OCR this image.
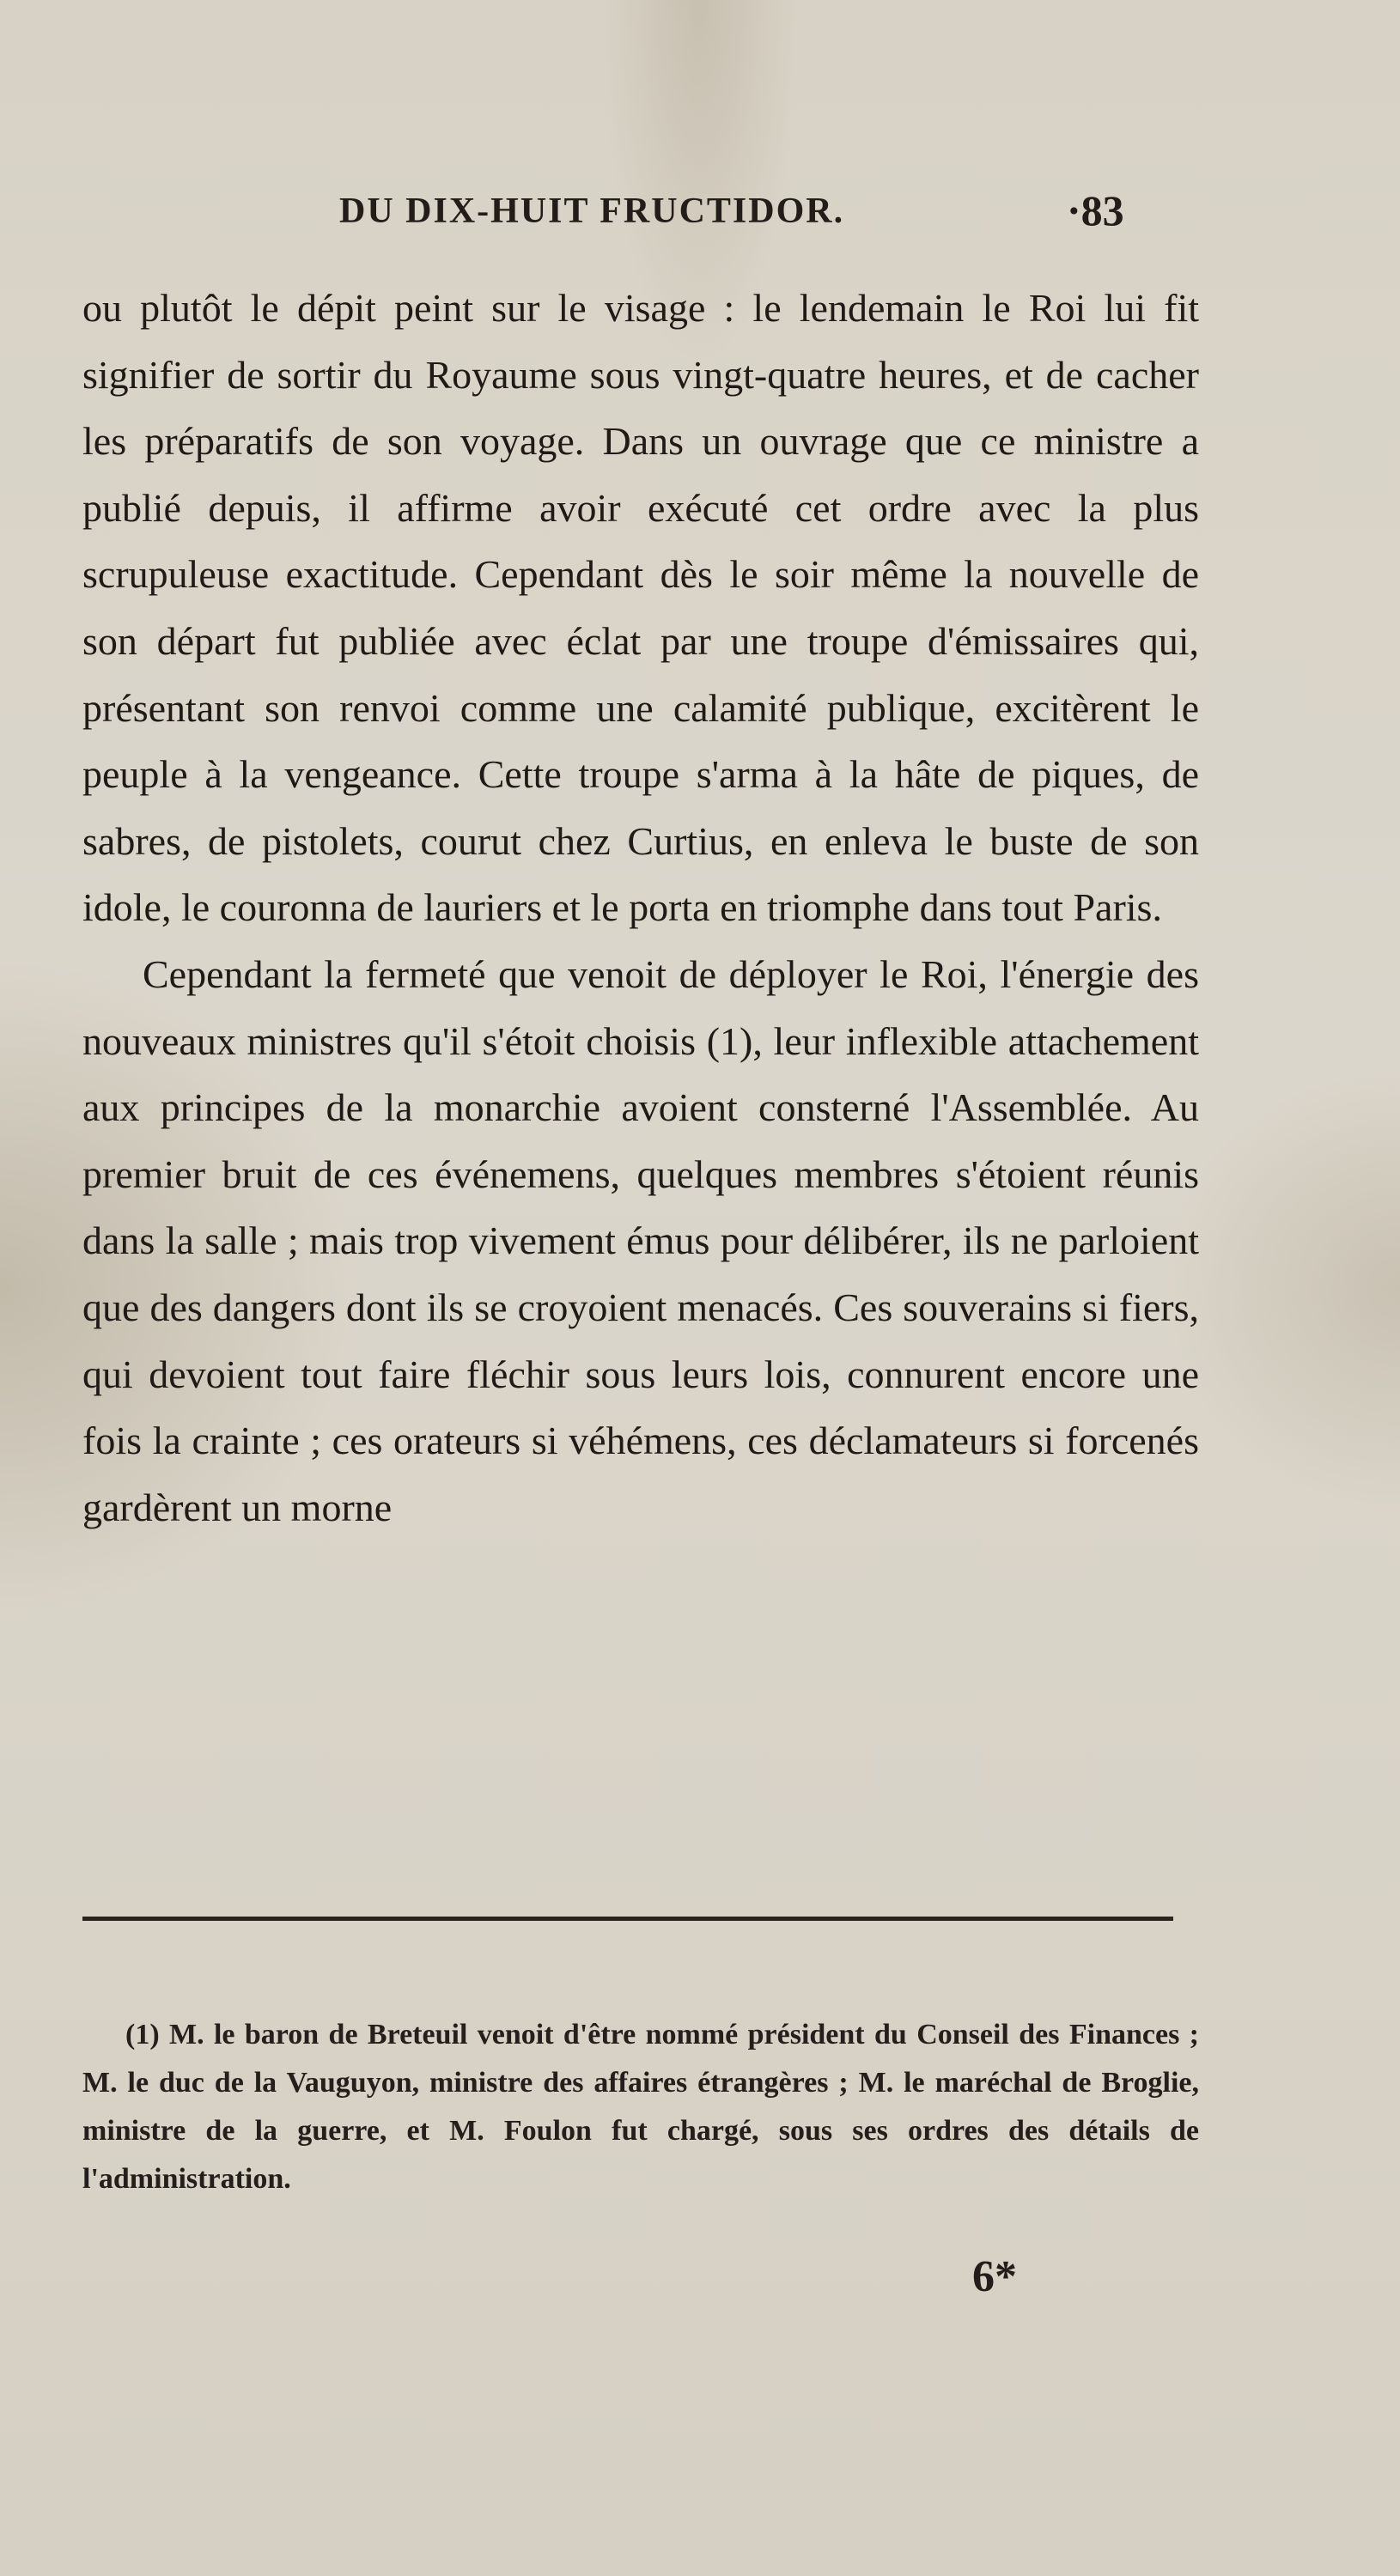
DU DIX-HUIT FRUCTIDOR.	·83

ou plutôt le dépit peint sur le visage : le lendemain le Roi lui fit signifier de sortir du Royaume sous vingt-quatre heures, et de cacher les préparatifs de son voyage. Dans un ouvrage que ce ministre a publié depuis, il affirme avoir exécuté cet ordre avec la plus scrupuleuse exactitude. Cependant dès le soir même la nouvelle de son départ fut publiée avec éclat par une troupe d'émissaires qui, présentant son renvoi comme une calamité publique, excitèrent le peuple à la vengeance. Cette troupe s'arma à la hâte de piques, de sabres, de pistolets, courut chez Curtius, en enleva le buste de son idole, le couronna de lauriers et le porta en triomphe dans tout Paris.

Cependant la fermeté que venoit de déployer le Roi, l'énergie des nouveaux ministres qu'il s'étoit choisis (1), leur inflexible attachement aux principes de la monarchie avoient consterné l'Assemblée. Au premier bruit de ces événemens, quelques membres s'étoient réunis dans la salle ; mais trop vivement émus pour délibérer, ils ne parloient que des dangers dont ils se croyoient menacés. Ces souverains si fiers, qui devoient tout faire fléchir sous leurs lois, connurent encore une fois la crainte ; ces orateurs si véhémens, ces déclamateurs si forcenés gardèrent un morne

(1) M. le baron de Breteuil venoit d'être nommé président du Conseil des Finances ; M. le duc de la Vauguyon, ministre des affaires étrangères ; M. le maréchal de Broglie, ministre de la guerre, et M. Foulon fut chargé, sous ses ordres des détails de l'administration.

6*
